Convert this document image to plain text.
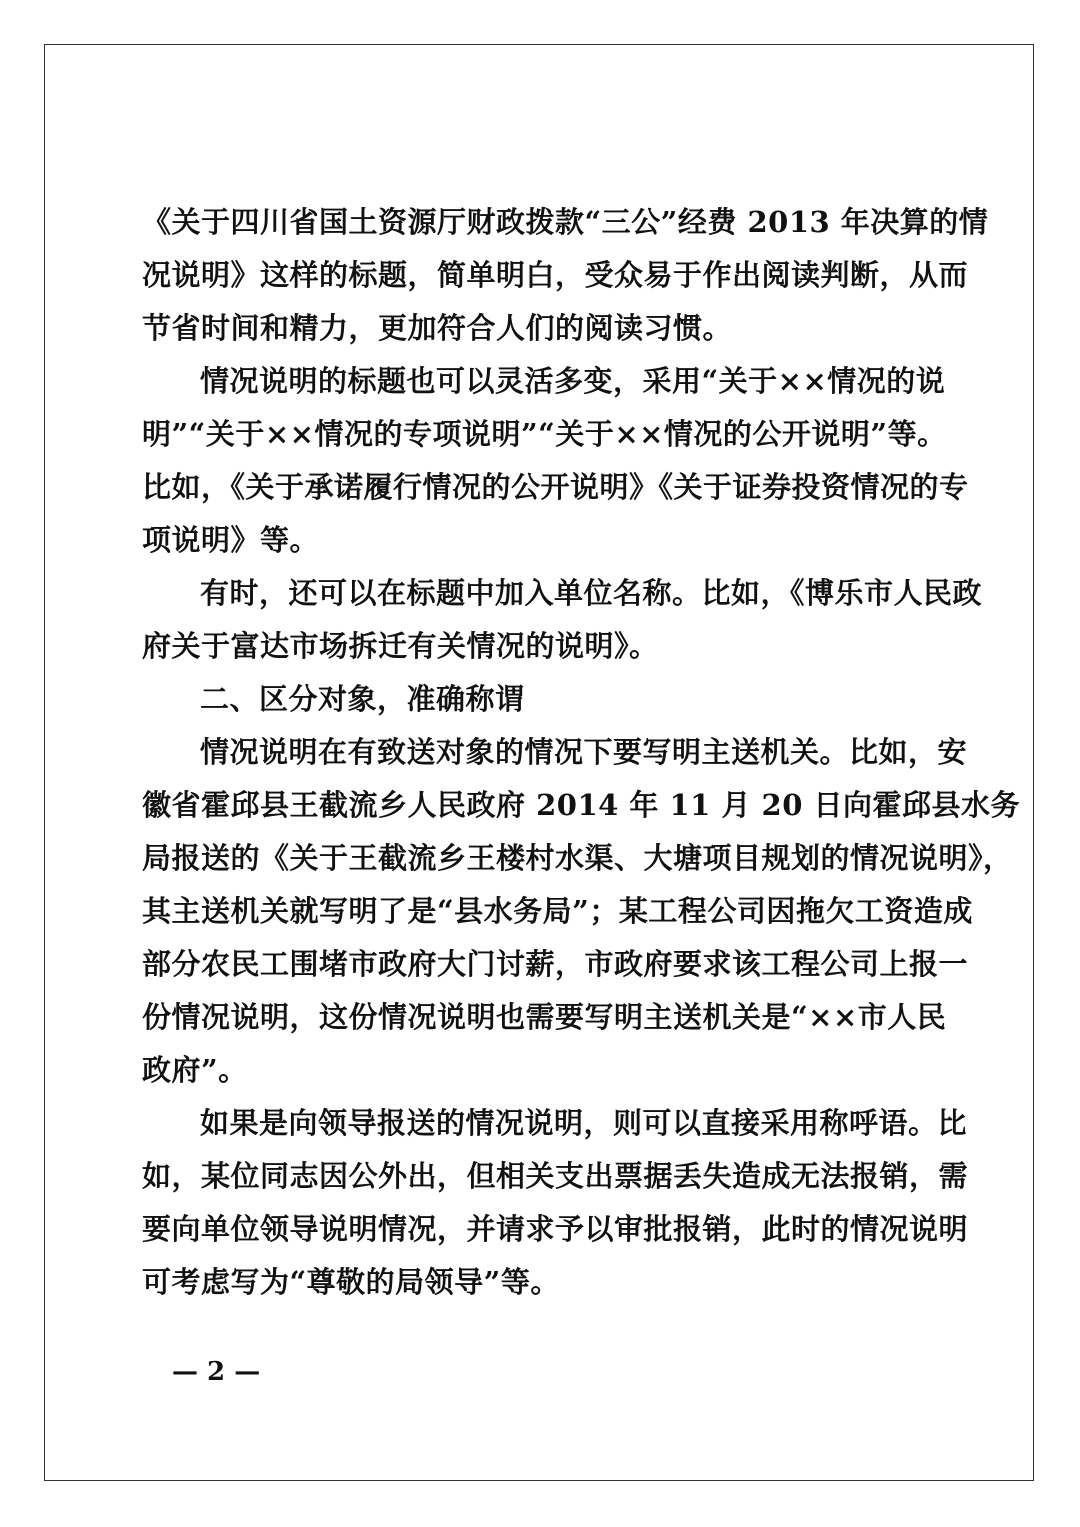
《关于四川省国土资源厅财政拨款“三公”经费 2013 年决算的情
况说明》这样的标题，简单明白，受众易于作出阅读判断，从而
节省时间和精力，更加符合人们的阅读习惯。
情况说明的标题也可以灵活多变，采用“关于××情况的说
明”“关于××情况的专项说明”“关于××情况的公开说明”等。
比如，《关于承诺履行情况的公开说明》《关于证券投资情况的专
项说明》等。
有时，还可以在标题中加入单位名称。比如，《博乐市人民政
府关于富达市场拆迁有关情况的说明》。
二、区分对象，准确称谓
情况说明在有致送对象的情况下要写明主送机关。比如，安
徽省霍邱县王截流乡人民政府 2014 年 11 月 20 日向霍邱县水务
局报送的《关于王截流乡王楼村水渠、大塘项目规划的情况说明》，
其主送机关就写明了是“县水务局”；某工程公司因拖欠工资造成
部分农民工围堵市政府大门讨薪，市政府要求该工程公司上报一
份情况说明，这份情况说明也需要写明主送机关是“××市人民
政府”。
如果是向领导报送的情况说明，则可以直接采用称呼语。比
如，某位同志因公外出，但相关支出票据丢失造成无法报销，需
要向单位领导说明情况，并请求予以审批报销，此时的情况说明
可考虑写为“尊敬的局领导”等。
— 2 —
